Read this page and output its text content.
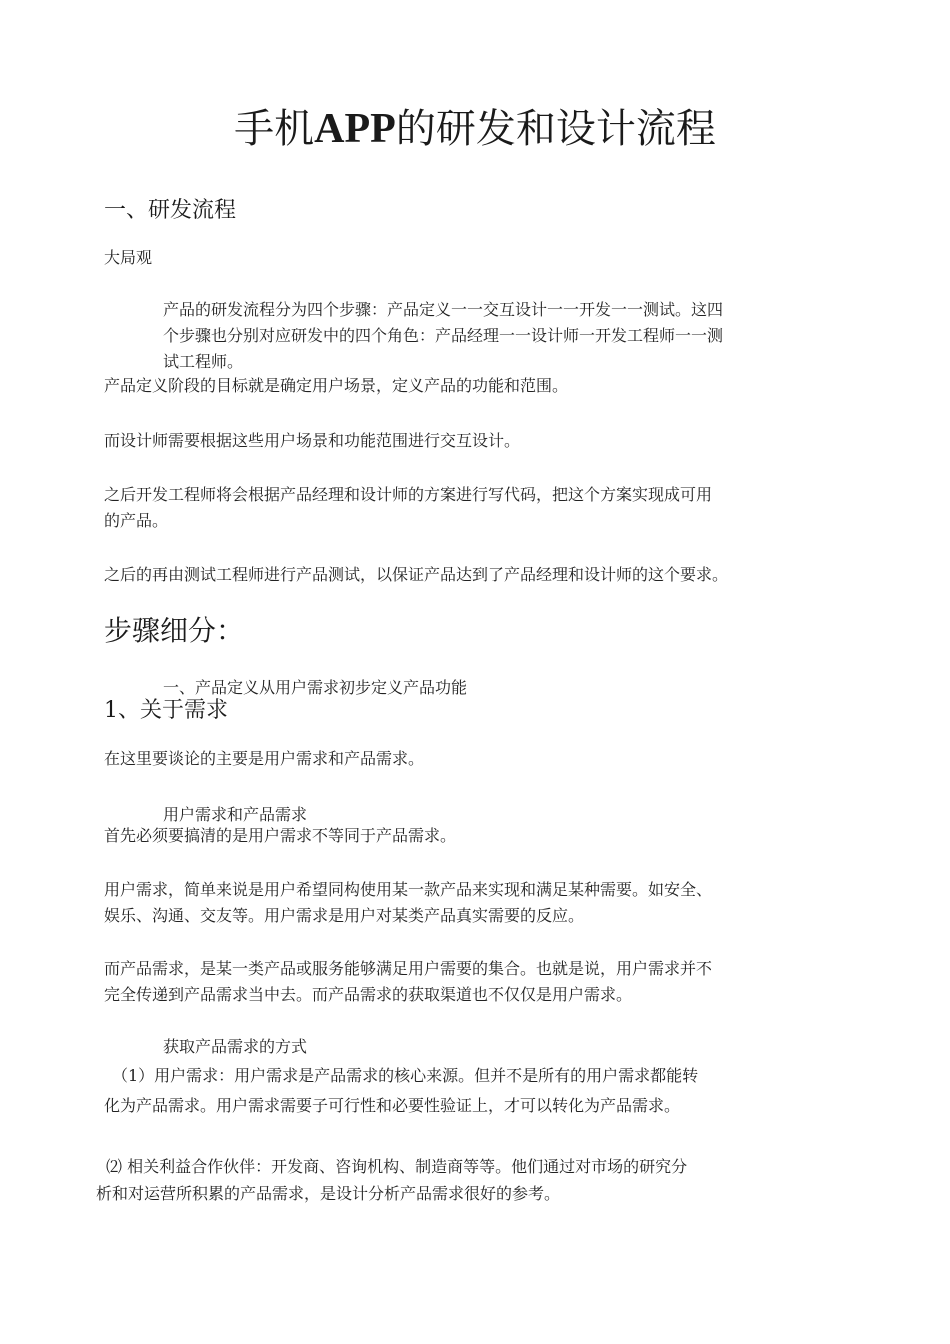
手机APP的研发和设计流程
一、研发流程

大局观

产品的研发流程分为四个步骤：产品定义一一交互设计一一开发一一测试。这四

个步骤也分别对应研发中的四个角色：产品经理一一设计师一开发工程师一一测

试工程师。

产品定义阶段的目标就是确定用户场景，定义产品的功能和范围。

而设计师需要根据这些用户场景和功能范围进行交互设计。

之后开发工程师将会根据产品经理和设计师的方案进行写代码，把这个方案实现成可用

的产品。

之后的再由测试工程师进行产品测试，以保证产品达到了产品经理和设计师的这个要求。

步骤细分：

一、产品定义从用户需求初步定义产品功能

1、关于需求

在这里要谈论的主要是用户需求和产品需求。

用户需求和产品需求

首先必须要搞清的是用户需求不等同于产品需求。

用户需求，简单来说是用户希望同构使用某一款产品来实现和满足某种需要。如安全、

娱乐、沟通、交友等。用户需求是用户对某类产品真实需要的反应。

而产品需求，是某一类产品或服务能够满足用户需要的集合。也就是说，用户需求并不

完全传递到产品需求当中去。而产品需求的获取渠道也不仅仅是用户需求。

获取产品需求的方式

（1）用户需求：用户需求是产品需求的核心来源。但并不是所有的用户需求都能转

化为产品需求。用户需求需要子可行性和必要性验证上，才可以转化为产品需求。

⑵ 相关利益合作伙伴：开发商、咨询机构、制造商等等。他们通过对市场的研究分

析和对运营所积累的产品需求，是设计分析产品需求很好的参考。
